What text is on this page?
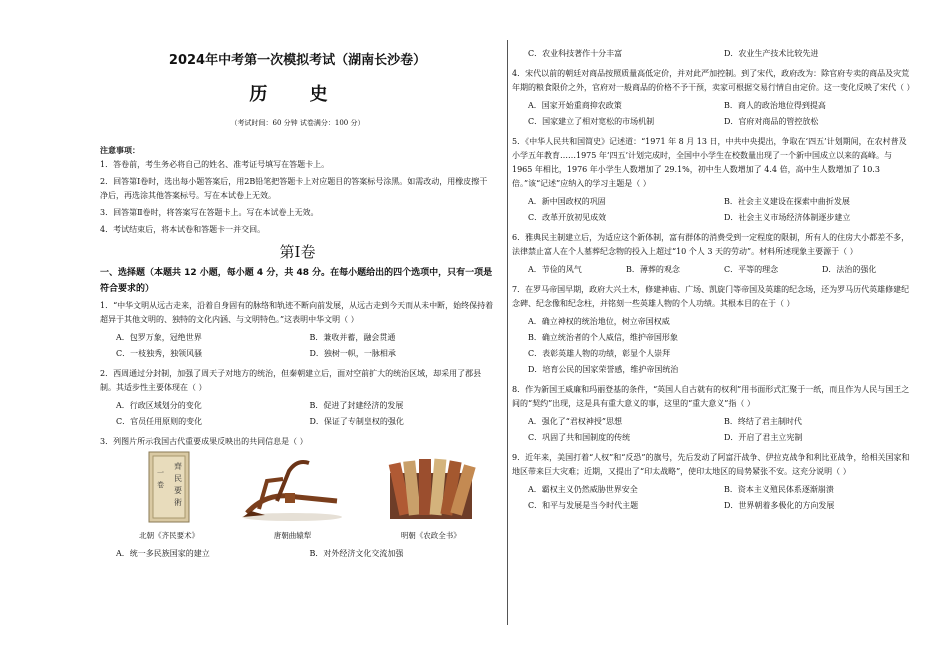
2024年中考第一次模拟考试（湖南长沙卷）
历 史
（考试时间：60 分钟 试卷满分：100 分）
注意事项：

1．答卷前，考生务必将自己的姓名、准考证号填写在答题卡上。

2．回答第Ⅰ卷时，选出每小题答案后，用2B铅笔把答题卡上对应题目的答案标号涂黑。如需改动，用橡皮擦干净后，再选涂其他答案标号。写在本试卷上无效。

3．回答第Ⅱ卷时，将答案写在答题卡上。写在本试卷上无效。

4．考试结束后，将本试卷和答题卡一并交回。

第Ⅰ卷
一、选择题（本题共 12 小题，每小题 4 分，共 48 分。在每小题给出的四个选项中，只有一项是符合要求的）

1．“中华文明从远古走来，沿着自身固有的脉络和轨迹不断向前发展，从远古走到今天而从未中断，始终保持着超异于其他文明的、独特的文化内涵、与文明特色。”这表明中华文明（ ）

A．包罗万象，冠绝世界	B．兼收并蓄，融会贯通
C．一枝独秀，独领风骚	D．独树一帜，一脉相承

2．西周通过分封制，加强了周天子对地方的统治，但秦朝建立后，面对空前扩大的统治区域，却采用了郡县制。其适步性主要体现在（ ）

A．行政区域划分的变化	B．促进了封建经济的发展
C．官员任用原则的变化	D．保证了专制皇权的强化

3．列图片所示我国古代重要成果反映出的共同信息是（ ）

齊
民
要
術
一
卷
北朝《齐民要术》	唐朝曲辕犁	明朝《农政全书》
A．统一多民族国家的建立	B．对外经济文化交流加强
C．农业科技著作十分丰富	D．农业生产技术比较先进

4．宋代以前的朝廷对商品按照质量高低定价，并对此严加控制。到了宋代，政府改为：除官府专卖的商品及灾荒年期的粮食限价之外，官府对一般商品的价格不予干预，卖家可根据交易行情自由定价。这一变化反映了宋代（ ）

A．国家开始重商抑农政策	B．商人的政治地位得到提高
C．国家建立了相对宽松的市场机制	D．官府对商品的管控放松

5．《中华人民共和国简史》记述道：“1971 年 8 月 13 日，中共中央提出，争取在‘四五’计划期间，在农村普及小学五年教育……1975 年‘四五’计划完成时，全国中小学生在校数量出现了一个新中国成立以来的高峰。与 1965 年相比，1976 年小学生人数增加了 29.1%，初中生人数增加了 4.4 倍，高中生人数增加了 10.3 倍。”该“记述”应纳入的学习主题是（ ）

A．新中国政权的巩固	B．社会主义建设在探索中曲折发展
C．改革开放初见成效	D．社会主义市场经济体制逐步建立

6．雅典民主制建立后，为适应这个新体制，富有群体的消费受到一定程度的限制，所有人的住房大小都差不多，法律禁止富人在个人墓葬纪念物的投入上超过“10 个人 3 天的劳动”。材料所述现象主要源于（ ）

A．节俭的风气	B．薄葬的观念	C．平等的理念	D．法治的强化

7．在罗马帝国早期，政府大兴土木，修建神庙、广场、凯旋门等帝国及英雄的纪念场，还为罗马历代英雄修建纪念碑、纪念像和纪念柱，并铭刻一些英雄人物的个人功绩。其根本目的在于（ ）

A．确立神权的统治地位，树立帝国权威
B．确立统治者的个人威信，维护帝国形象
C．表彰英雄人物的功绩，彰显个人崇拜
D．培育公民的国家荣誉感，维护帝国统治

8．作为新国王威廉和玛丽登基的条件，“英国人自古就有的权利”用书面形式汇聚于一纸，而且作为人民与国王之间的“契约”出现，这是具有重大意义的事，这里的“重大意义”指（ ）

A．强化了“君权神授”思想	B．终结了君主制时代
C．巩固了共和国制度的传统	D．开启了君主立宪制

9．近年来，美国打着“人权”和“反恐”的旗号，先后发动了阿富汗战争、伊拉克战争和利比亚战争，给相关国家和地区带来巨大灾难；近期，又提出了“印太战略”，使印太地区的局势紧张不安。这充分说明（ ）

A．霸权主义仍然威胁世界安全	B．资本主义殖民体系逐渐崩溃
C．和平与发展是当今时代主题	D．世界朝着多极化的方向发展
